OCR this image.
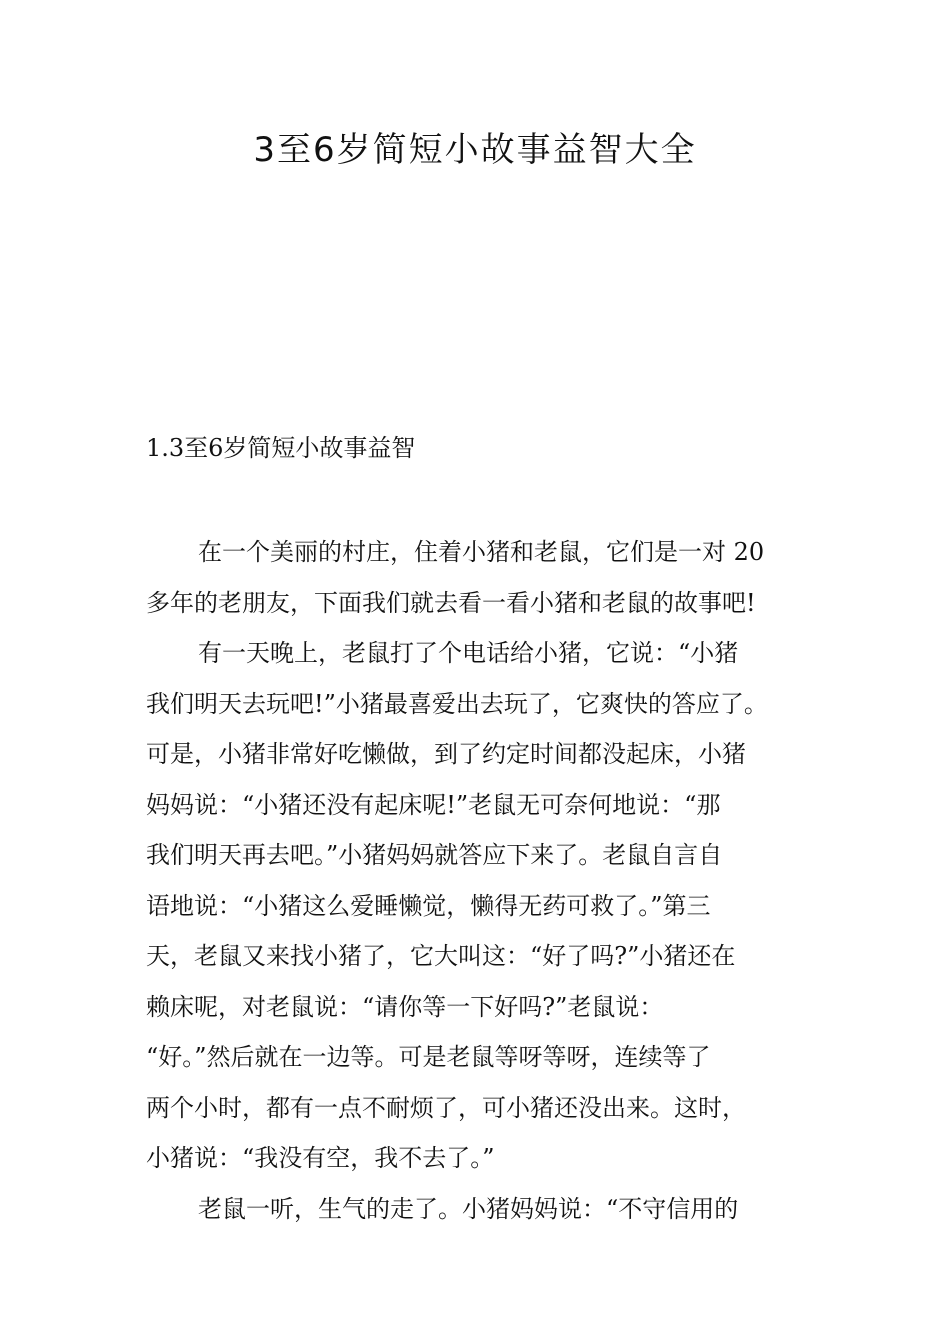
3至6岁简短小故事益智大全
1.3至6岁简短小故事益智
在一个美丽的村庄，住着小猪和老鼠，它们是一对 20
多年的老朋友，下面我们就去看一看小猪和老鼠的故事吧!
有一天晚上，老鼠打了个电话给小猪，它说：“小猪
我们明天去玩吧!”小猪最喜爱出去玩了，它爽快的答应了。
可是，小猪非常好吃懒做，到了约定时间都没起床，小猪
妈妈说：“小猪还没有起床呢!”老鼠无可奈何地说：“那
我们明天再去吧。”小猪妈妈就答应下来了。老鼠自言自
语地说：“小猪这么爱睡懒觉，懒得无药可救了。”第三
天，老鼠又来找小猪了，它大叫这：“好了吗?”小猪还在
赖床呢，对老鼠说：“请你等一下好吗?”老鼠说：
“好。”然后就在一边等。可是老鼠等呀等呀，连续等了
两个小时，都有一点不耐烦了，可小猪还没出来。这时，
小猪说：“我没有空，我不去了。”
老鼠一听，生气的走了。小猪妈妈说：“不守信用的
